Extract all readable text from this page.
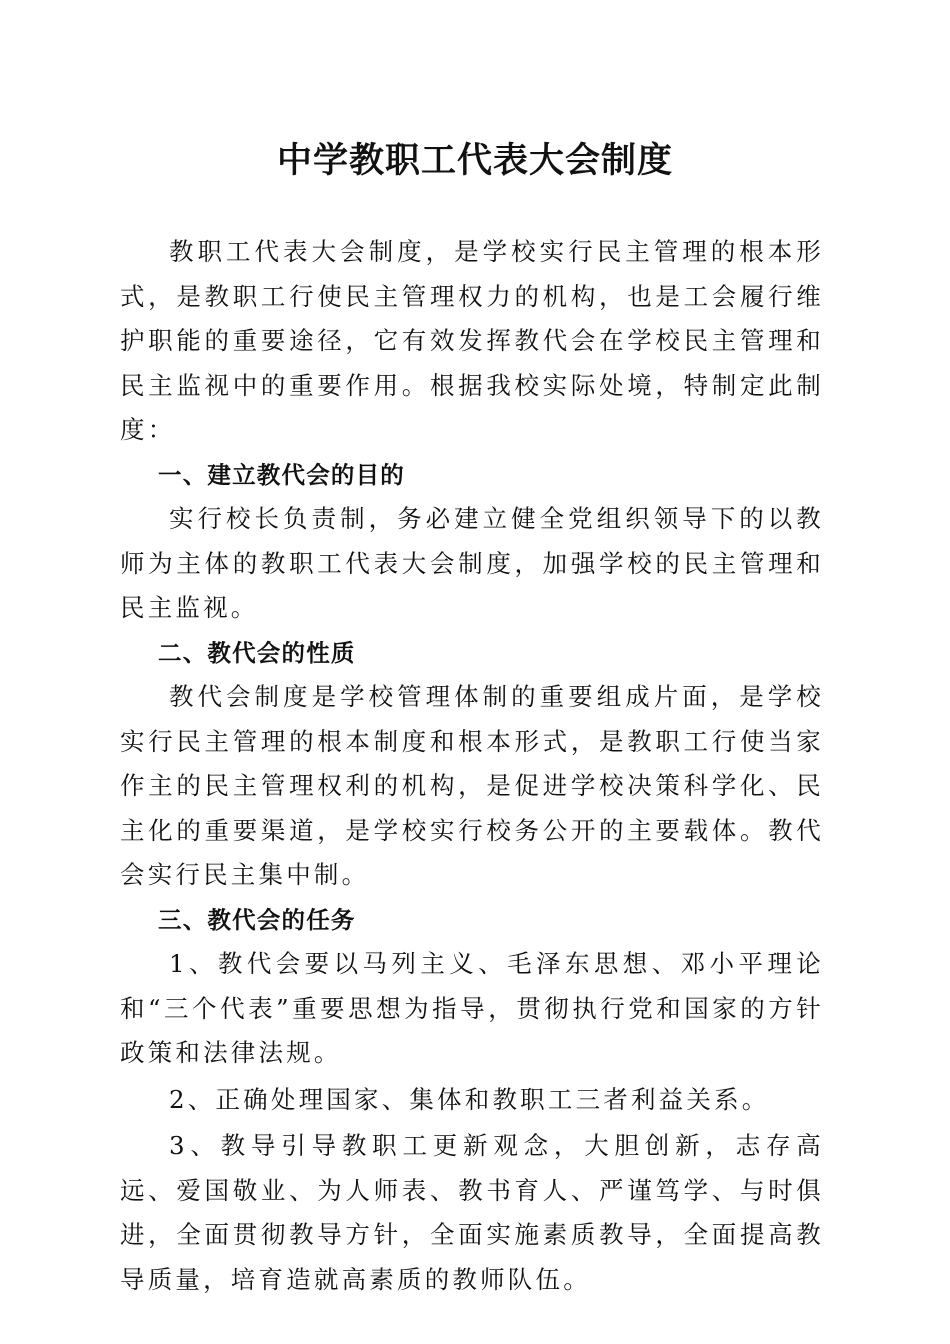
中学教职工代表大会制度

教职工代表大会制度，是学校实行民主管理的根本形式，是教职工行使民主管理权力的机构，也是工会履行维护职能的重要途径，它有效发挥教代会在学校民主管理和民主监视中的重要作用。根据我校实际处境，特制定此制度：

一、建立教代会的目的

实行校长负责制，务必建立健全党组织领导下的以教师为主体的教职工代表大会制度，加强学校的民主管理和民主监视。

二、教代会的性质

教代会制度是学校管理体制的重要组成片面，是学校实行民主管理的根本制度和根本形式，是教职工行使当家作主的民主管理权利的机构，是促进学校决策科学化、民主化的重要渠道，是学校实行校务公开的主要载体。教代会实行民主集中制。

三、教代会的任务

1、教代会要以马列主义、毛泽东思想、邓小平理论和“三个代表”重要思想为指导，贯彻执行党和国家的方针政策和法律法规。

2、正确处理国家、集体和教职工三者利益关系。

3、教导引导教职工更新观念，大胆创新，志存高远、爱国敬业、为人师表、教书育人、严谨笃学、与时俱进，全面贯彻教导方针，全面实施素质教导，全面提高教导质量，培育造就高素质的教师队伍。
